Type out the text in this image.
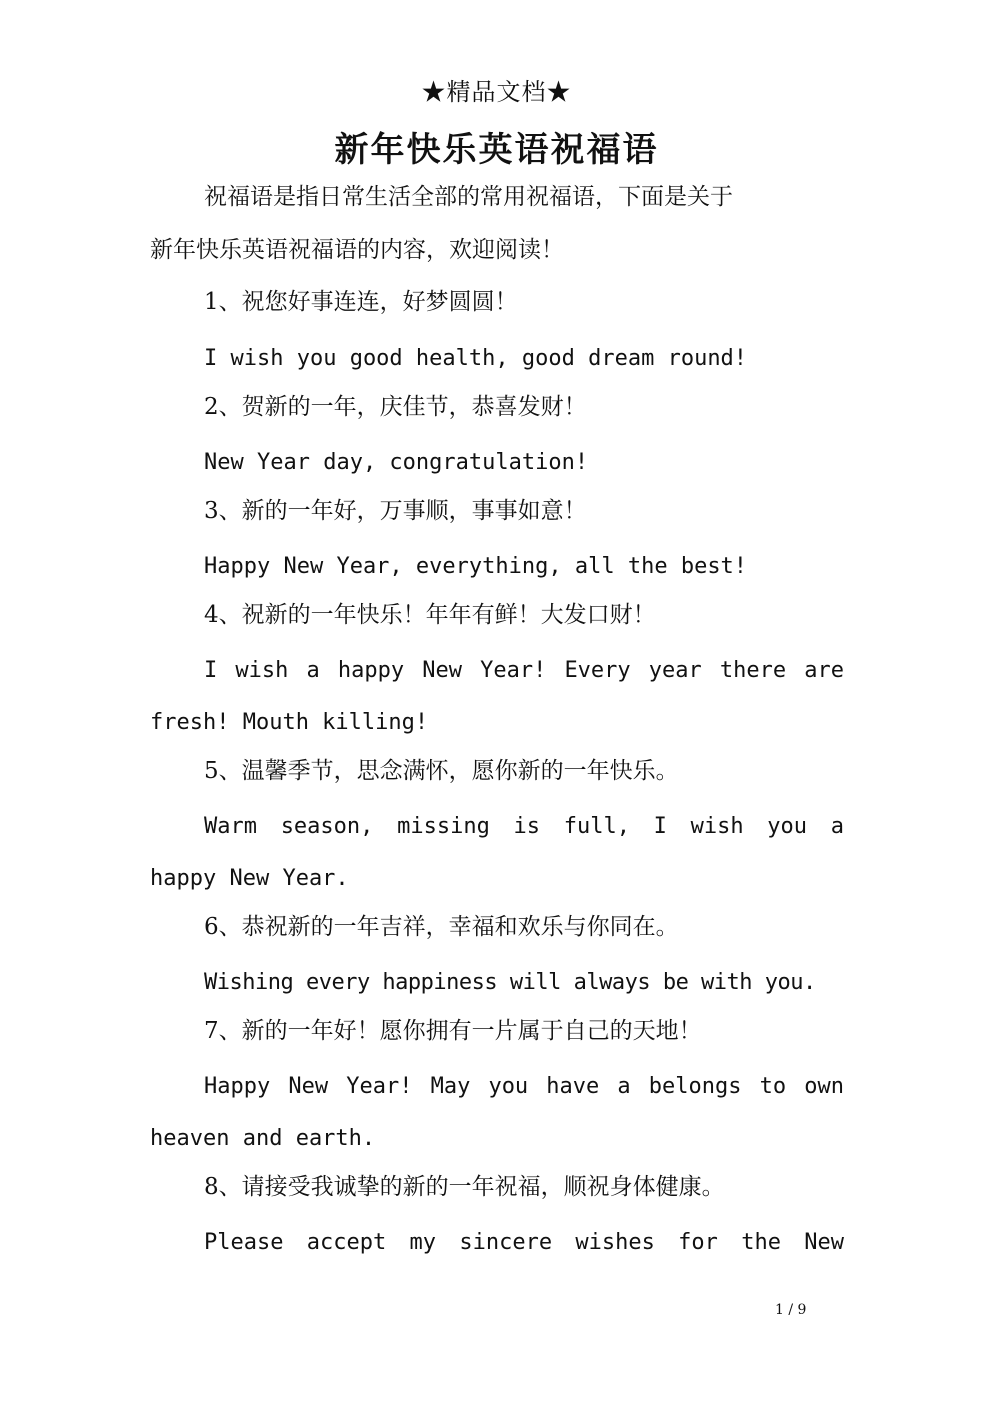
★精品文档★
新年快乐英语祝福语
祝福语是指日常生活全部的常用祝福语，下面是关于
新年快乐英语祝福语的内容，欢迎阅读！
1、祝您好事连连，好梦圆圆！
I wish you good health, good dream round!
2、贺新的一年，庆佳节，恭喜发财！
New Year day, congratulation!
3、新的一年好，万事顺，事事如意！
Happy New Year, everything, all the best!
4、祝新的一年快乐！年年有鲜！大发口财！
I wish a happy New Year! Every year there are
fresh! Mouth killing!
5、温馨季节，思念满怀，愿你新的一年快乐。
Warm season, missing is full, I wish you a
happy New Year.
6、恭祝新的一年吉祥，幸福和欢乐与你同在。
Wishing every happiness will always be with you.
7、新的一年好！愿你拥有一片属于自己的天地！
Happy New Year! May you have a belongs to own
heaven and earth.
8、请接受我诚挚的新的一年祝福，顺祝身体健康。
Please accept my sincere wishes for the New
1 / 9
